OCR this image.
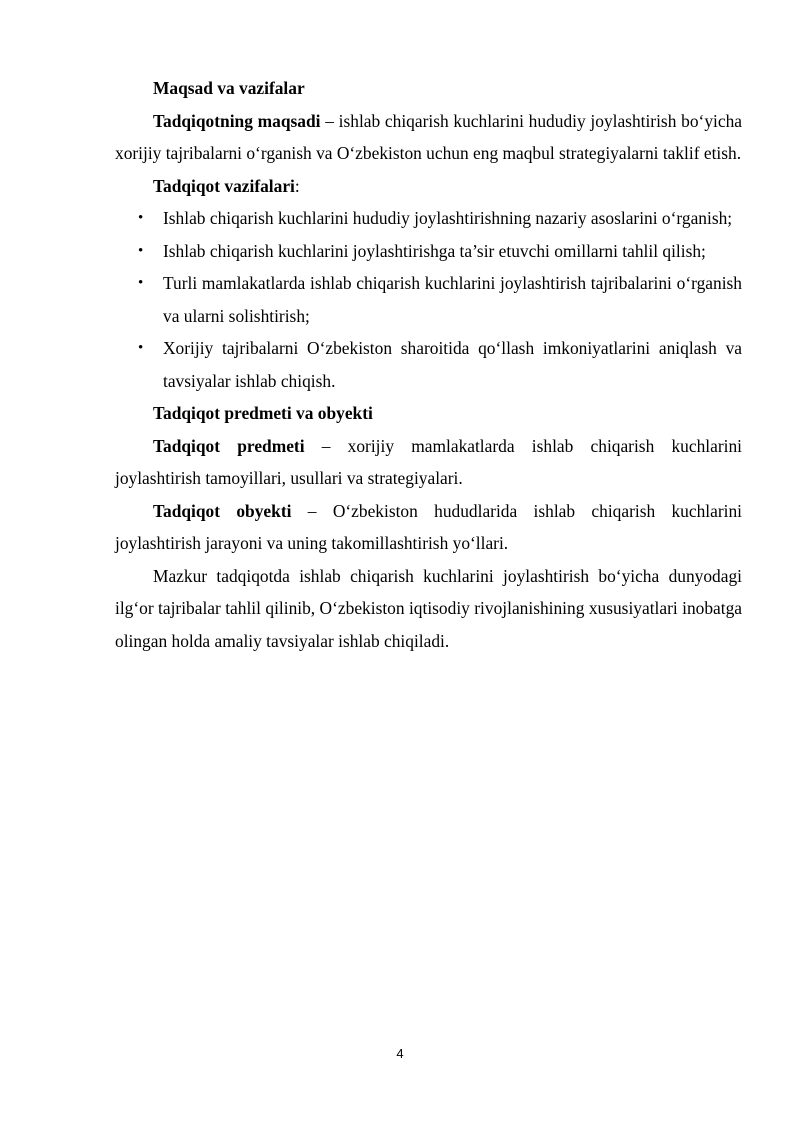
Maqsad va vazifalar

Tadqiqotning maqsadi – ishlab chiqarish kuchlarini hududiy joylashtirish bo‘yicha xorijiy tajribalarni o‘rganish va O‘zbekiston uchun eng maqbul strategiyalarni taklif etish.

Tadqiqot vazifalari:

• Ishlab chiqarish kuchlarini hududiy joylashtirishning nazariy asoslarini o‘rganish;
• Ishlab chiqarish kuchlarini joylashtirishga ta’sir etuvchi omillarni tahlil qilish;
• Turli mamlakatlarda ishlab chiqarish kuchlarini joylashtirish tajribalarini o‘rganish va ularni solishtirish;
• Xorijiy tajribalarni O‘zbekiston sharoitida qo‘llash imkoniyatlarini aniqlash va tavsiyalar ishlab chiqish.

Tadqiqot predmeti va obyekti

Tadqiqot predmeti – xorijiy mamlakatlarda ishlab chiqarish kuchlarini joylashtirish tamoyillari, usullari va strategiyalari.

Tadqiqot obyekti – O‘zbekiston hududlarida ishlab chiqarish kuchlarini joylashtirish jarayoni va uning takomillashtirish yo‘llari.

Mazkur tadqiqotda ishlab chiqarish kuchlarini joylashtirish bo‘yicha dunyodagi ilg‘or tajribalar tahlil qilinib, O‘zbekiston iqtisodiy rivojlanishining xususiyatlari inobatga olingan holda amaliy tavsiyalar ishlab chiqiladi.

4
